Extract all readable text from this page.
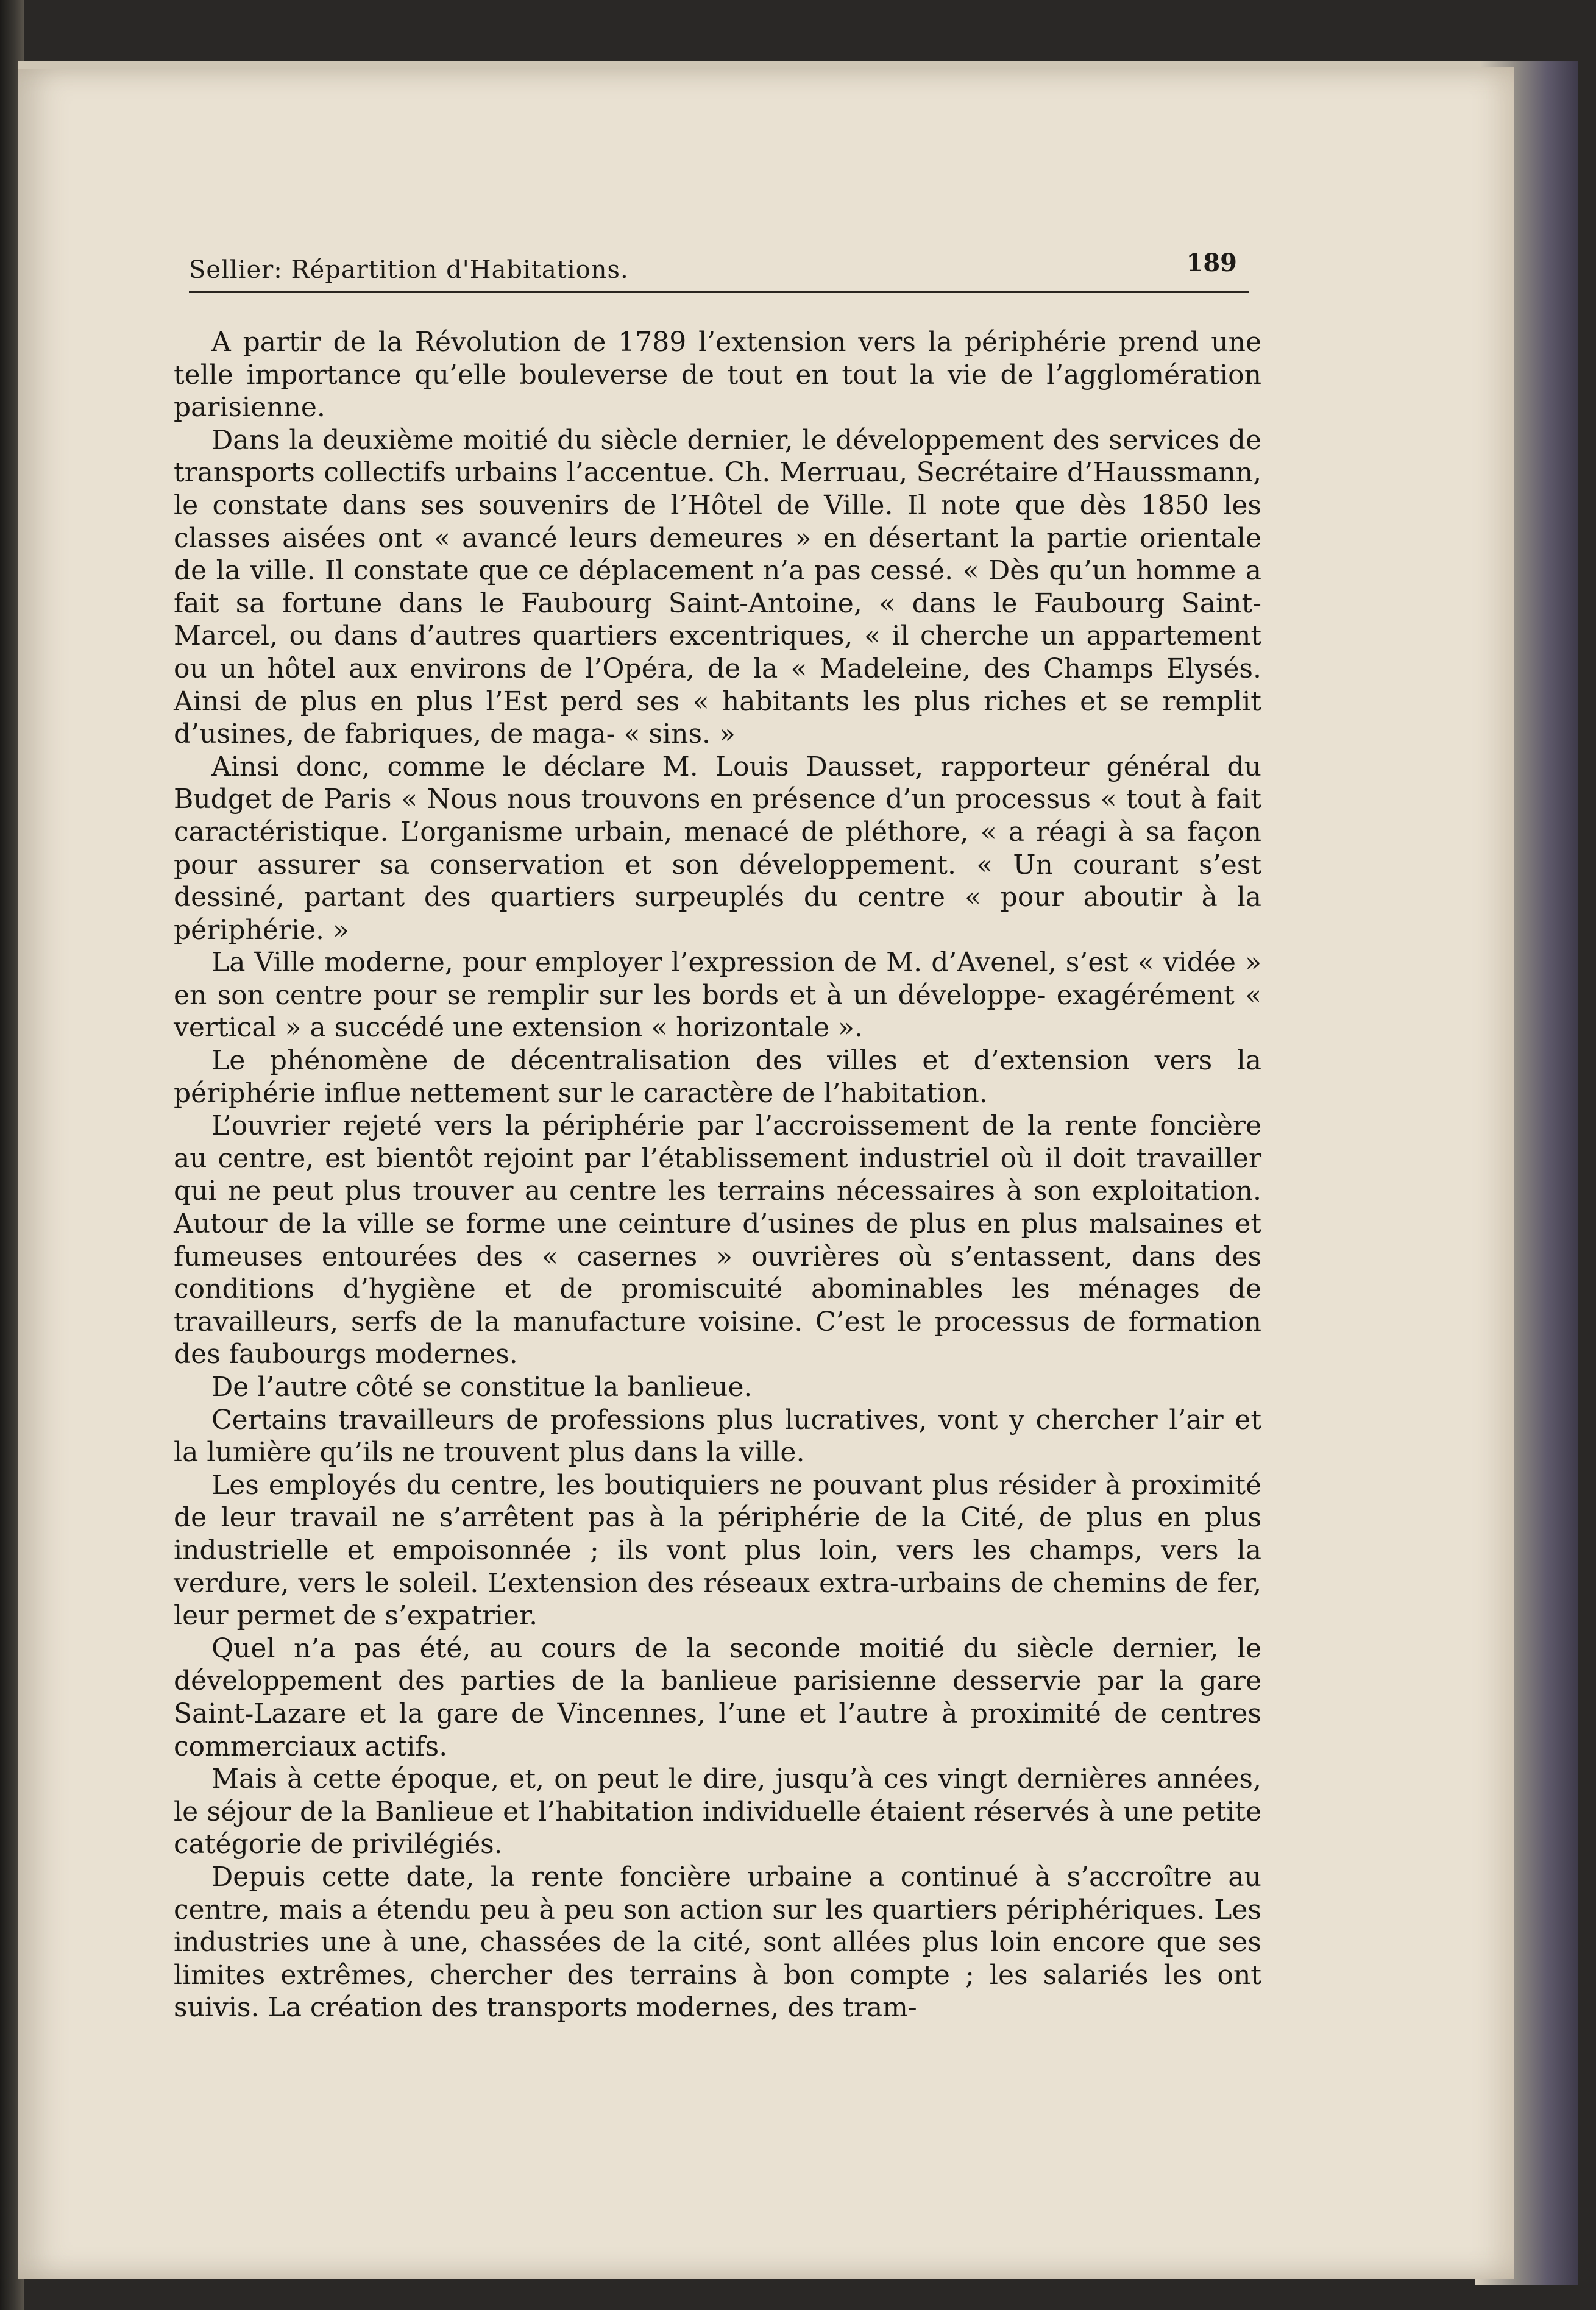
Sellier: Répartition d'Habitations.	189

A partir de la Révolution de 1789 l’extension vers la périphérie prend une telle importance qu’elle bouleverse de tout en tout la vie de l’agglomération parisienne.

Dans la deuxième moitié du siècle dernier, le développement des services de transports collectifs urbains l’accentue. Ch. Merruau, Secrétaire d’Haussmann, le constate dans ses souvenirs de l’Hôtel de Ville. Il note que dès 1850 les classes aisées ont « avancé leurs demeures » en désertant la partie orientale de la ville. Il constate que ce déplacement n’a pas cessé. « Dès qu’un homme a fait sa fortune dans le Faubourg Saint-Antoine, « dans le Faubourg Saint-Marcel, ou dans d’autres quartiers excentriques, « il cherche un appartement ou un hôtel aux environs de l’Opéra, de la « Madeleine, des Champs Elysés. Ainsi de plus en plus l’Est perd ses « habitants les plus riches et se remplit d’usines, de fabriques, de maga- « sins. »

Ainsi donc, comme le déclare M. Louis Dausset, rapporteur général du Budget de Paris « Nous nous trouvons en présence d’un processus « tout à fait caractéristique. L’organisme urbain, menacé de pléthore, « a réagi à sa façon pour assurer sa conservation et son développement. « Un courant s’est dessiné, partant des quartiers surpeuplés du centre « pour aboutir à la périphérie. »

La Ville moderne, pour employer l’expression de M. d’Avenel, s’est « vidée » en son centre pour se remplir sur les bords et à un développe- exagérément « vertical » a succédé une extension « horizontale ».

Le phénomène de décentralisation des villes et d’extension vers la périphérie influe nettement sur le caractère de l’habitation.

L’ouvrier rejeté vers la périphérie par l’accroissement de la rente foncière au centre, est bientôt rejoint par l’établissement industriel où il doit travailler qui ne peut plus trouver au centre les terrains nécessaires à son exploitation. Autour de la ville se forme une ceinture d’usines de plus en plus malsaines et fumeuses entourées des « casernes » ouvrières où s’entassent, dans des conditions d’hygiène et de promiscuité abominables les ménages de travailleurs, serfs de la manufacture voisine. C’est le processus de formation des faubourgs modernes.

De l’autre côté se constitue la banlieue.

Certains travailleurs de professions plus lucratives, vont y chercher l’air et la lumière qu’ils ne trouvent plus dans la ville.

Les employés du centre, les boutiquiers ne pouvant plus résider à proximité de leur travail ne s’arrêtent pas à la périphérie de la Cité, de plus en plus industrielle et empoisonnée ; ils vont plus loin, vers les champs, vers la verdure, vers le soleil. L’extension des réseaux extra-urbains de chemins de fer, leur permet de s’expatrier.

Quel n’a pas été, au cours de la seconde moitié du siècle dernier, le développement des parties de la banlieue parisienne desservie par la gare Saint-Lazare et la gare de Vincennes, l’une et l’autre à proximité de centres commerciaux actifs.

Mais à cette époque, et, on peut le dire, jusqu’à ces vingt dernières années, le séjour de la Banlieue et l’habitation individuelle étaient réservés à une petite catégorie de privilégiés.

Depuis cette date, la rente foncière urbaine a continué à s’accroître au centre, mais a étendu peu à peu son action sur les quartiers périphériques. Les industries une à une, chassées de la cité, sont allées plus loin encore que ses limites extrêmes, chercher des terrains à bon compte ; les salariés les ont suivis. La création des transports modernes, des tram-
